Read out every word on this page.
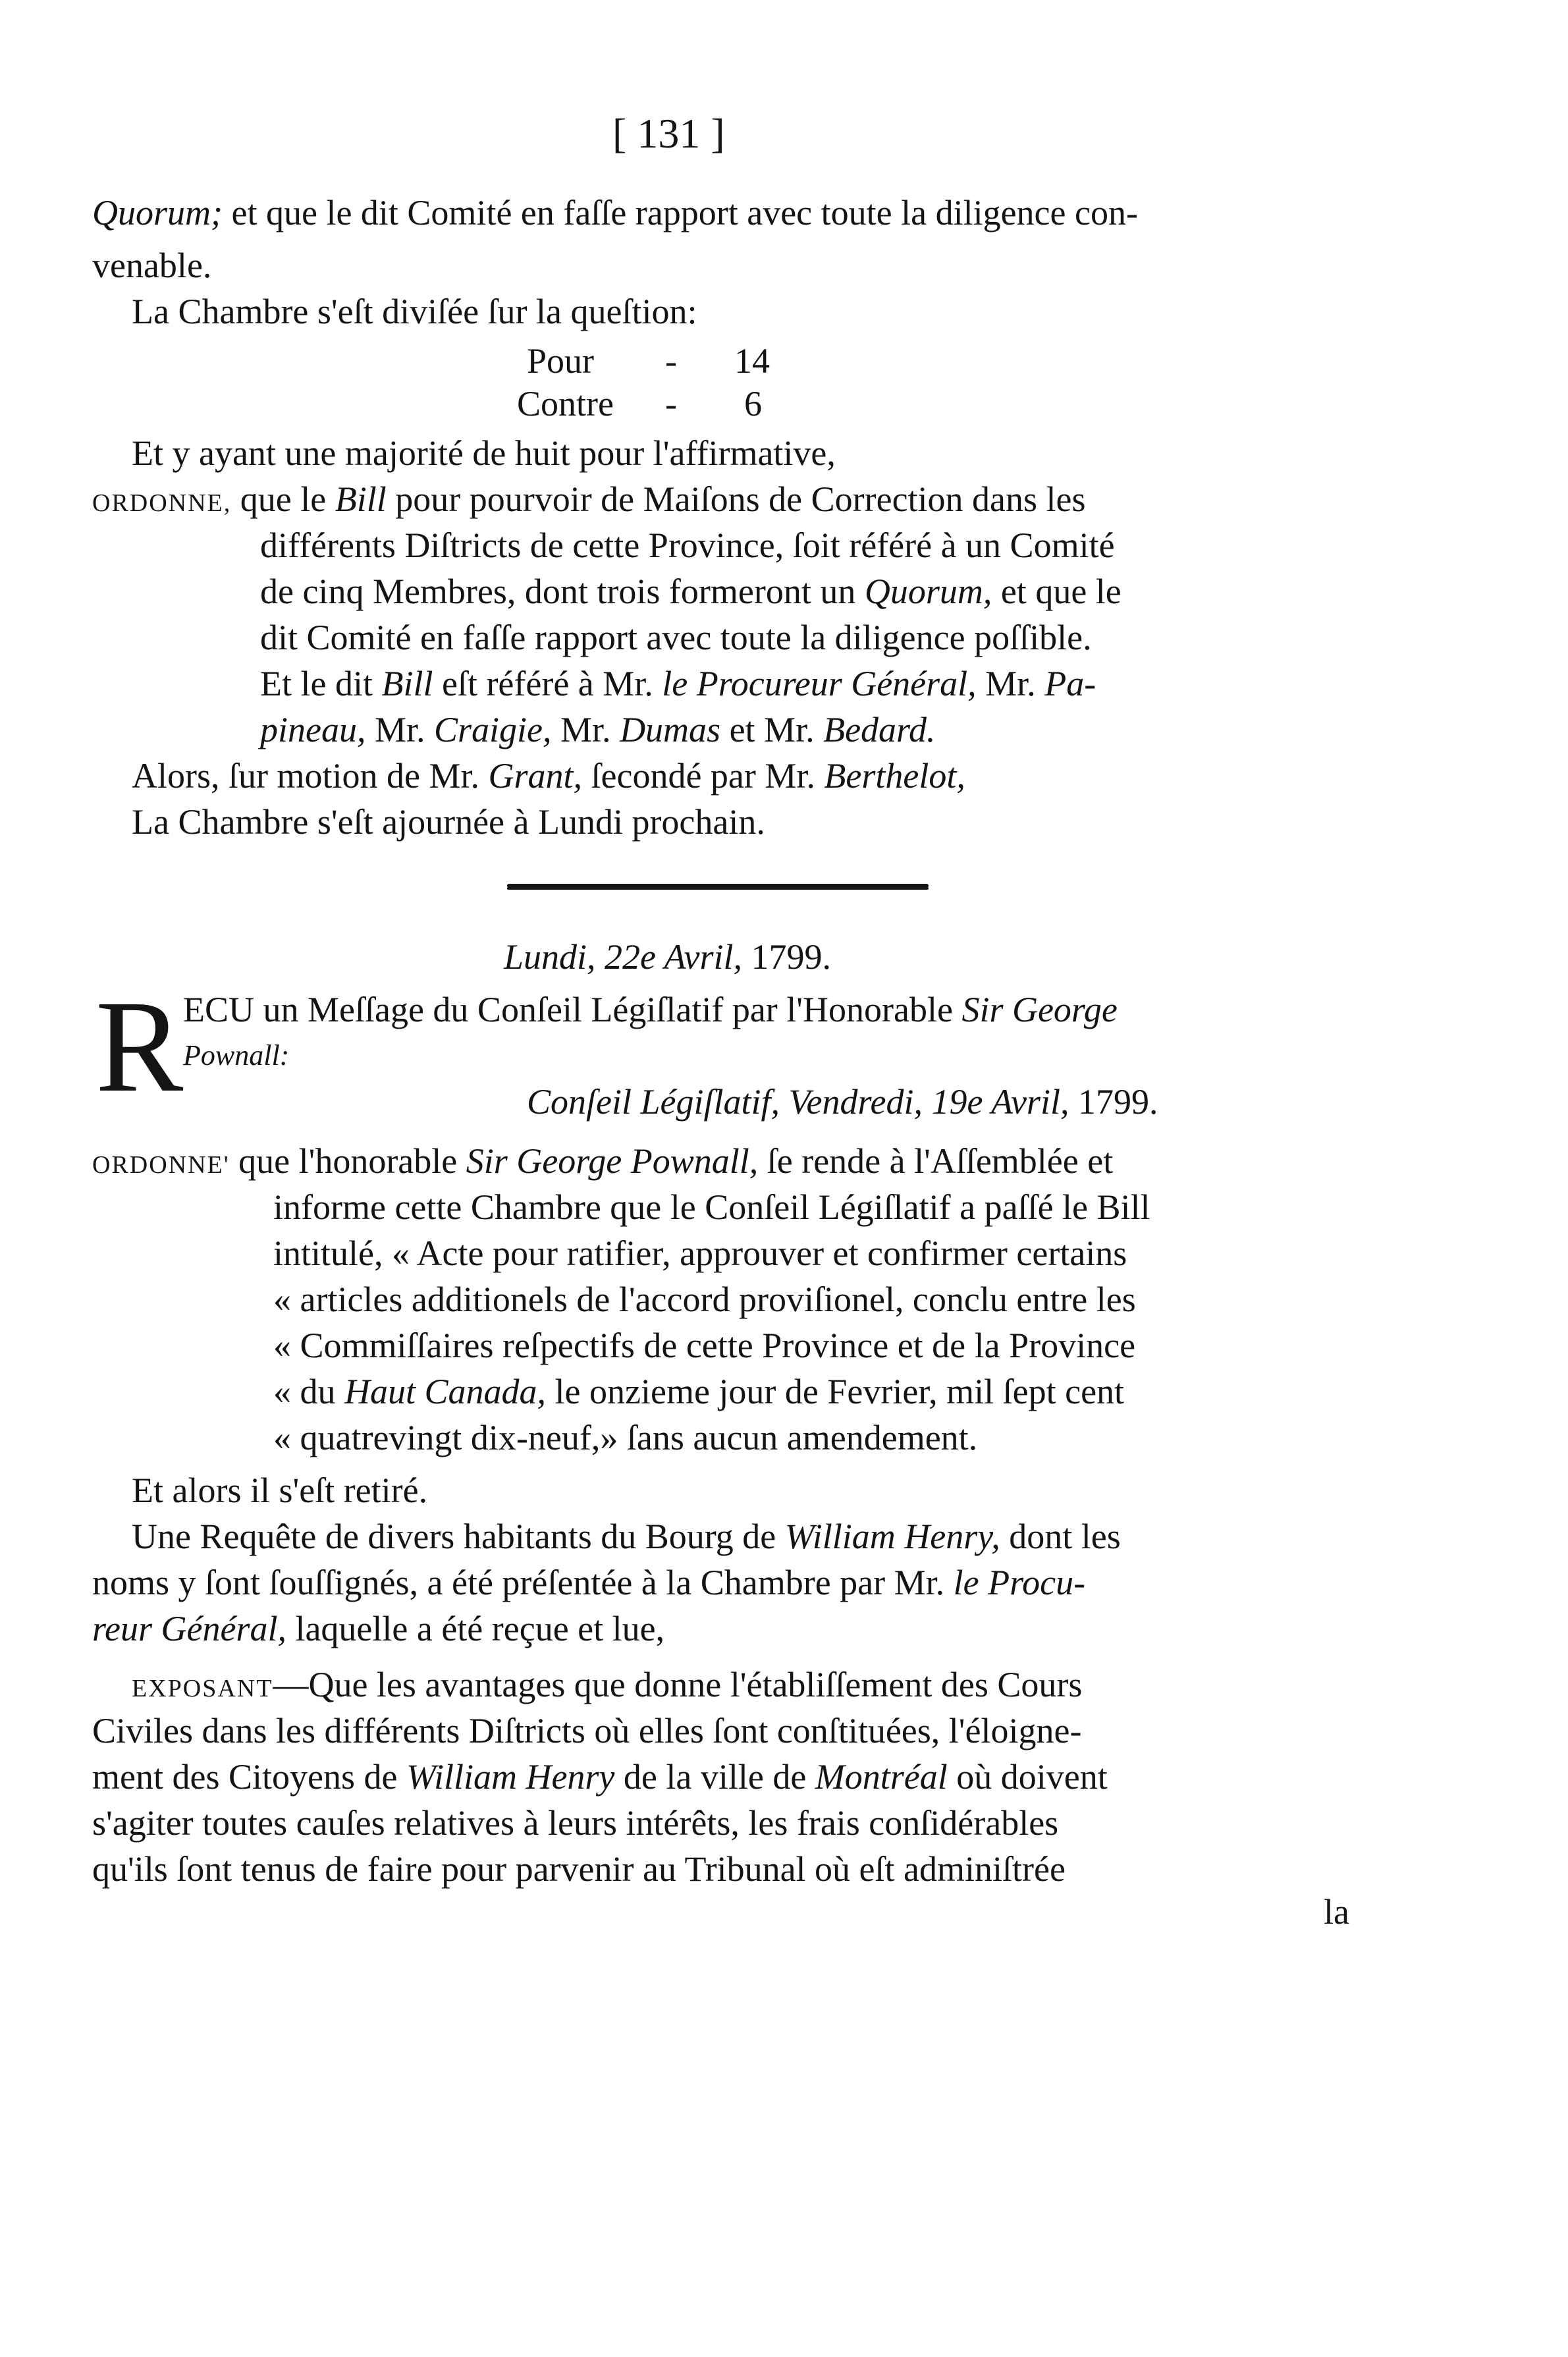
[ 131 ]
Quorum; et que le dit Comité en faſſe rapport avec toute la diligence con-
venable.
La Chambre s'eſt diviſée ſur la queſtion:
Pour - 14
Contre - 6
Et y ayant une majorité de huit pour l'affirmative,
ORDONNE, que le Bill pour pourvoir de Maiſons de Correction dans les
différents Diſtricts de cette Province, ſoit référé à un Comité
de cinq Membres, dont trois formeront un Quorum, et que le
dit Comité en faſſe rapport avec toute la diligence poſſible.
Et le dit Bill eſt référé à Mr. le Procureur Général, Mr. Pa-
pineau, Mr. Craigie, Mr. Dumas et Mr. Bedard.
Alors, ſur motion de Mr. Grant, ſecondé par Mr. Berthelot,
La Chambre s'eſt ajournée à Lundi prochain.
Lundi, 22e Avril, 1799.
R ECU un Meſſage du Conſeil Légiſlatif par l'Honorable Sir George
Pownall:
Conſeil Légiſlatif, Vendredi, 19e Avril, 1799.
ORDONNE' que l'honorable Sir George Pownall, ſe rende à l'Aſſemblée et
informe cette Chambre que le Conſeil Légiſlatif a paſſé le Bill
intitulé, « Acte pour ratifier, approuver et confirmer certains
« articles additionels de l'accord proviſionel, conclu entre les
« Commiſſaires reſpectifs de cette Province et de la Province
« du Haut Canada, le onzieme jour de Fevrier, mil ſept cent
« quatrevingt dix-neuf,» ſans aucun amendement.
Et alors il s'eſt retiré.
Une Requête de divers habitants du Bourg de William Henry, dont les
noms y ſont ſouſſignés, a été préſentée à la Chambre par Mr. le Procu-
reur Général, laquelle a été reçue et lue,
EXPOSANT—Que les avantages que donne l'établiſſement des Cours
Civiles dans les différents Diſtricts où elles ſont conſtituées, l'éloigne-
ment des Citoyens de William Henry de la ville de Montréal où doivent
s'agiter toutes cauſes relatives à leurs intérêts, les frais conſidérables
qu'ils ſont tenus de faire pour parvenir au Tribunal où eſt adminiſtrée
la
